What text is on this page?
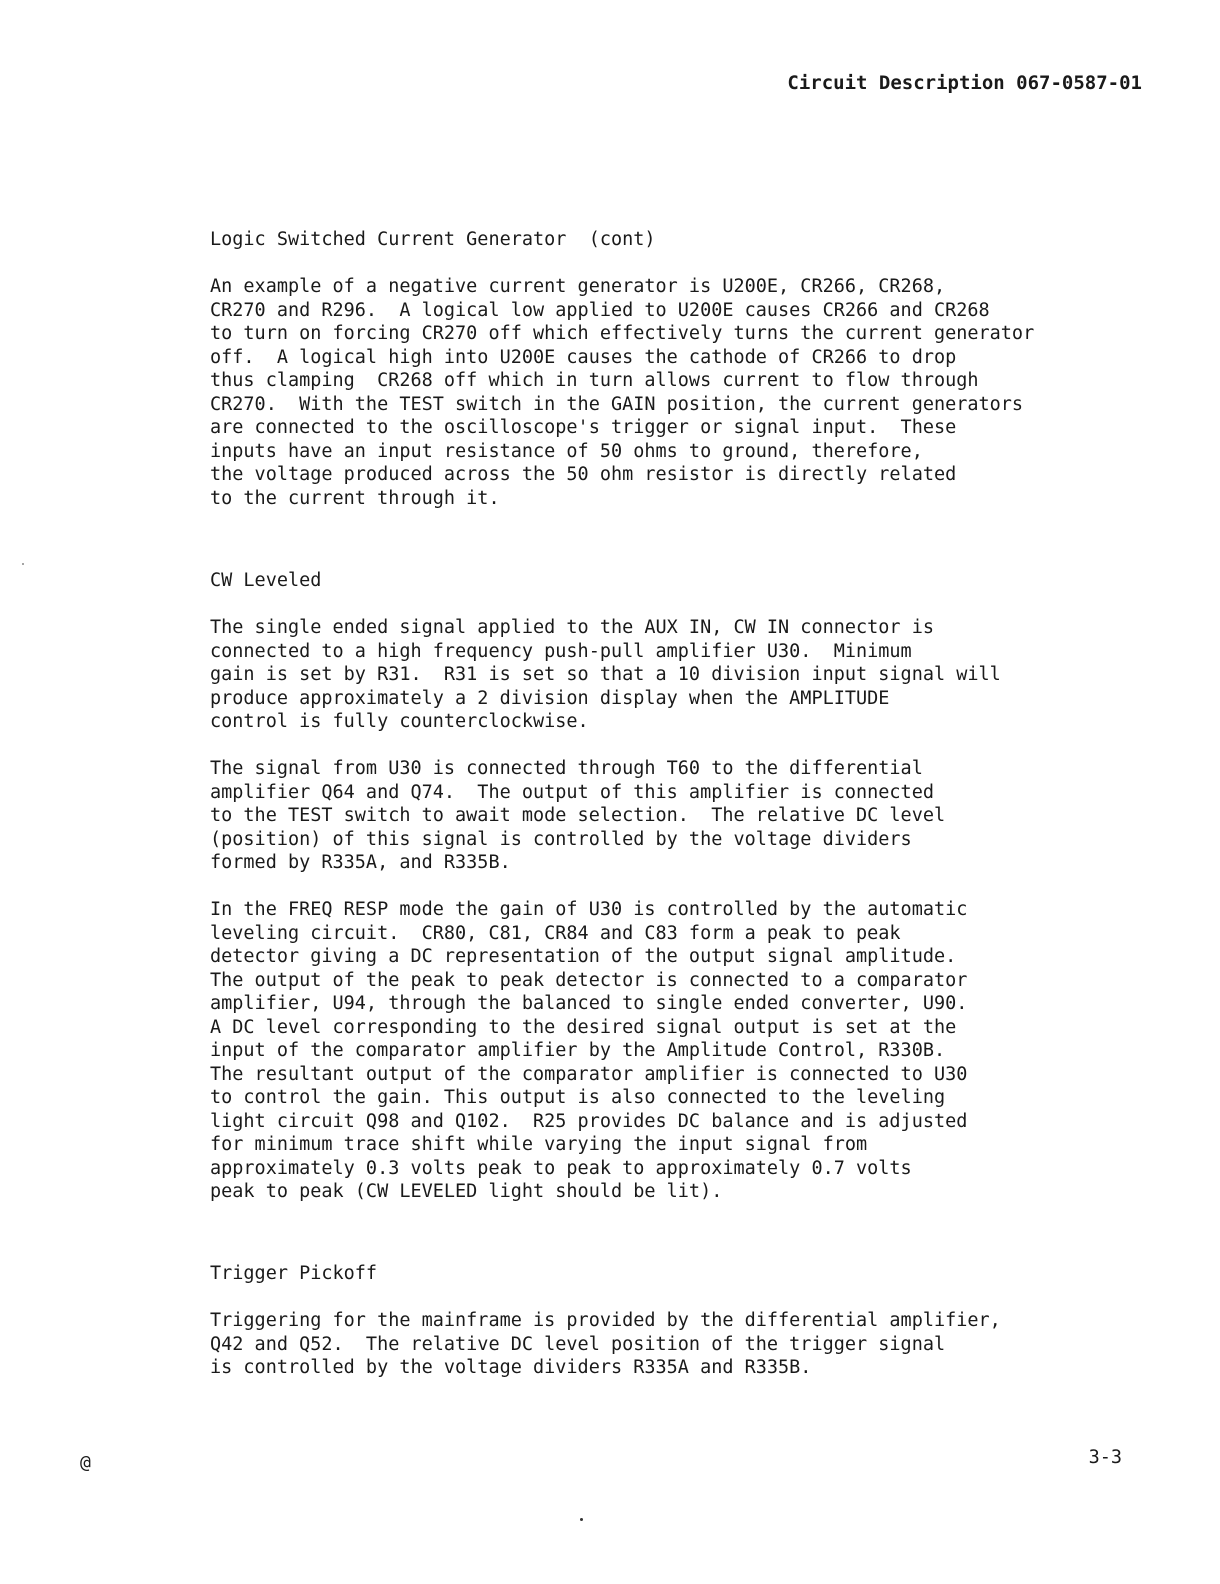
Circuit Description 067-0587-01
Logic Switched Current Generator  (cont)
An example of a negative current generator is U200E, CR266, CR268,
CR270 and R296.  A logical low applied to U200E causes CR266 and CR268
to turn on forcing CR270 off which effectively turns the current generator
off.  A logical high into U200E causes the cathode of CR266 to drop
thus clamping  CR268 off which in turn allows current to flow through
CR270.  With the TEST switch in the GAIN position, the current generators
are connected to the oscilloscope's trigger or signal input.  These
inputs have an input resistance of 50 ohms to ground, therefore,
the voltage produced across the 50 ohm resistor is directly related
to the current through it.
CW Leveled
The single ended signal applied to the AUX IN, CW IN connector is
connected to a high frequency push-pull amplifier U30.  Minimum
gain is set by R31.  R31 is set so that a 10 division input signal will
produce approximately a 2 division display when the AMPLITUDE
control is fully counterclockwise.
The signal from U30 is connected through T60 to the differential
amplifier Q64 and Q74.  The output of this amplifier is connected
to the TEST switch to await mode selection.  The relative DC level
(position) of this signal is controlled by the voltage dividers
formed by R335A, and R335B.
In the FREQ RESP mode the gain of U30 is controlled by the automatic
leveling circuit.  CR80, C81, CR84 and C83 form a peak to peak
detector giving a DC representation of the output signal amplitude.
The output of the peak to peak detector is connected to a comparator
amplifier, U94, through the balanced to single ended converter, U90.
A DC level corresponding to the desired signal output is set at the
input of the comparator amplifier by the Amplitude Control, R330B.
The resultant output of the comparator amplifier is connected to U30
to control the gain. This output is also connected to the leveling
light circuit Q98 and Q102.  R25 provides DC balance and is adjusted
for minimum trace shift while varying the input signal from
approximately 0.3 volts peak to peak to approximately 0.7 volts
peak to peak (CW LEVELED light should be lit).
Trigger Pickoff
Triggering for the mainframe is provided by the differential amplifier,
Q42 and Q52.  The relative DC level position of the trigger signal
is controlled by the voltage dividers R335A and R335B.
@	3-3
